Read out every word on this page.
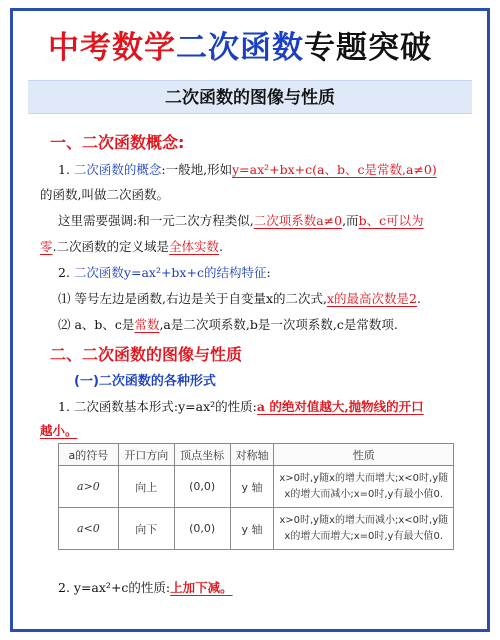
中考数学二次函数专题突破
二次函数的图像与性质
一、二次函数概念:
1. 二次函数的概念:一般地,形如y=ax²+bx+c(a、b、c是常数,a≠0)
的函数,叫做二次函数。
这里需要强调:和一元二次方程类似,二次项系数a≠0,而b、c可以为
零.二次函数的定义域是全体实数.
2. 二次函数y=ax²+bx+c的结构特征:
⑴ 等号左边是函数,右边是关于自变量x的二次式,x的最高次数是2.
⑵ a、b、c是常数,a是二次项系数,b是一次项系数,c是常数项.
二、二次函数的图像与性质
(一)二次函数的各种形式
1. 二次函数基本形式:y=ax²的性质:a 的绝对值越大,抛物线的开口
越小。
a的符号	开口方向	顶点坐标	对称轴	性质
a>0	向上	(0,0)	y 轴	x>0时,y随x的增大而增大;x<0时,y随
x的增大而减小;x=0时,y有最小值0.

a<0	向下	(0,0)	y 轴	x>0时,y随x的增大而减小;x<0时,y随
x的增大而增大;x=0时,y有最大值0.
2. y=ax²+c的性质:上加下减。
